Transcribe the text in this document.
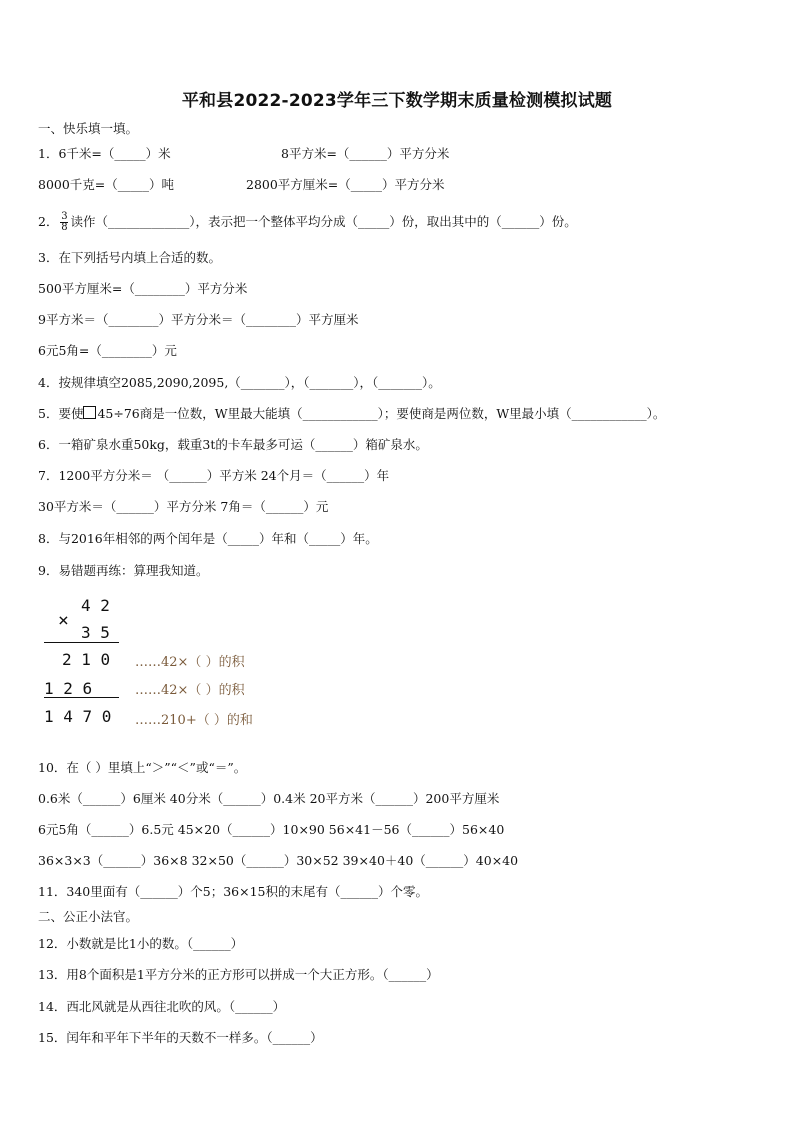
平和县2022-2023学年三下数学期末质量检测模拟试题
一、快乐填一填。
1．6千米=（_____）米	8平方米=（______）平方分米
8000千克=（_____）吨	2800平方厘米=（_____）平方分米
2． $\frac{3}{8}$ 读作（_____________），表示把一个整体平均分成（_____）份，取出其中的（______）份。
3．在下列括号内填上合适的数。
500平方厘米=（________）平方分米
9平方米＝（________）平方分米＝（________）平方厘米
6元5角=（________）元
4．按规律填空2085,2090,2095,（_______），（_______），（_______）。
5．要使 45÷76商是一位数，W里最大能填（____________）；要使商是两位数，W里最小填（____________）。
6．一箱矿泉水重50kg，载重3t的卡车最多可运（______）箱矿泉水。
7．1200平方分米＝ （______）平方米 24个月＝（______）年
30平方米＝（______）平方分米 7角＝（______）元
8．与2016年相邻的两个闰年是（_____）年和（_____）年。
9．易错题再练：算理我知道。
×
4 2
3 5
2 1 0
1 2 6
1 4 7 0
……42×（ ）的积
……42×（ ）的积
……210+（ ）的和
10．在（ ）里填上“＞”“＜”或“＝”。
0.6米（______）6厘米 40分米（______）0.4米 20平方米（______）200平方厘米
6元5角（______）6.5元 45×20（______）10×90 56×41－56（______）56×40
36×3×3（______）36×8 32×50（______）30×52 39×40＋40（______）40×40
11．340里面有（______）个5；36×15积的末尾有（______）个零。
二、公正小法官。
12．小数就是比1小的数。（______）
13．用8个面积是1平方分米的正方形可以拼成一个大正方形。（______）
14．西北风就是从西往北吹的风。（______）
15．闰年和平年下半年的天数不一样多。（______）
